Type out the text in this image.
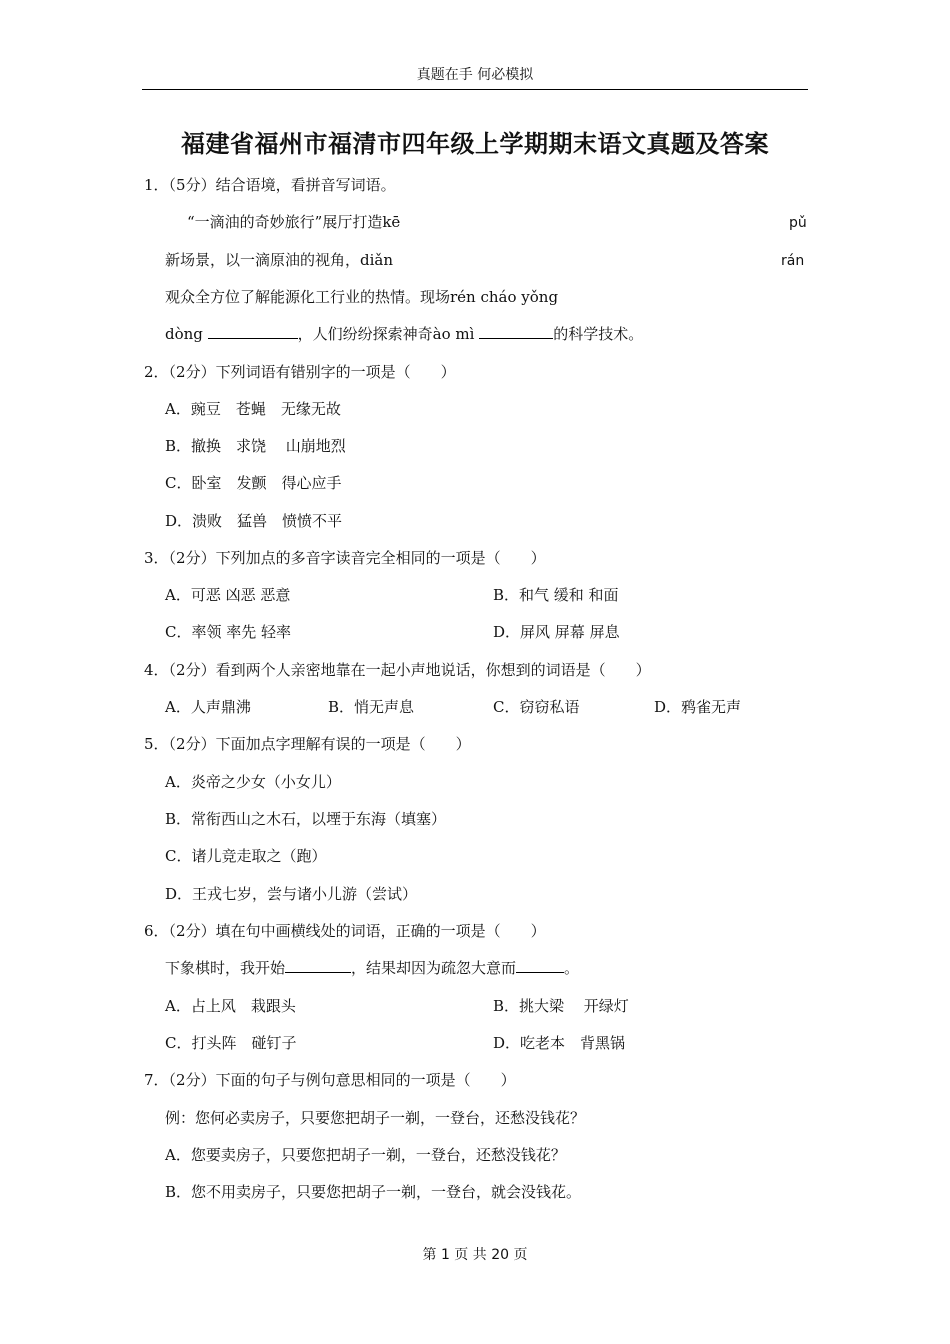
真题在手 何必模拟
福建省福州市福清市四年级上学期期末语文真题及答案
1．（5分）结合语境，看拼音写词语。
“一滴油的奇妙旅行”展厅打造kē	pǔ
新场景，以一滴原油的视角，diǎn	rán
观众全方位了解能源化工行业的热情。现场rén cháo yǒng
dòng	，人们纷纷探索神奇ào mì	的科学技术。
2．（2分）下列词语有错别字的一项是（　　）
A．豌豆　苍蝇　无缘无故
B．撤换　求饶　 山崩地烈
C．卧室　发颤　得心应手
D．溃败　猛兽　愤愤不平
3．（2分）下列加点的多音字读音完全相同的一项是（　　）
A．可恶 凶恶 恶意	B．和气 缓和 和面
C．率领 率先 轻率	D．屏风 屏幕 屏息
4．（2分）看到两个人亲密地靠在一起小声地说话，你想到的词语是（　　）
A．人声鼎沸	B．悄无声息	C．窃窃私语	D．鸦雀无声
5．（2分）下面加点字理解有误的一项是（　　）
A．炎帝之少女（小女儿）
B．常衔西山之木石，以堙于东海（填塞）
C．诸儿竞走取之（跑）
D．王戎七岁，尝与诸小儿游（尝试）
6．（2分）填在句中画横线处的词语，正确的一项是（　　）
下象棋时，我开始	，结果却因为疏忽大意而	。
A．占上风　栽跟头	B．挑大梁　 开绿灯
C．打头阵　碰钉子	D．吃老本　背黑锅
7．（2分）下面的句子与例句意思相同的一项是（　　）
例：您何必卖房子，只要您把胡子一剃，一登台，还愁没钱花？
A．您要卖房子，只要您把胡子一剃，一登台，还愁没钱花？
B．您不用卖房子，只要您把胡子一剃，一登台，就会没钱花。
第 1 页 共 20 页
